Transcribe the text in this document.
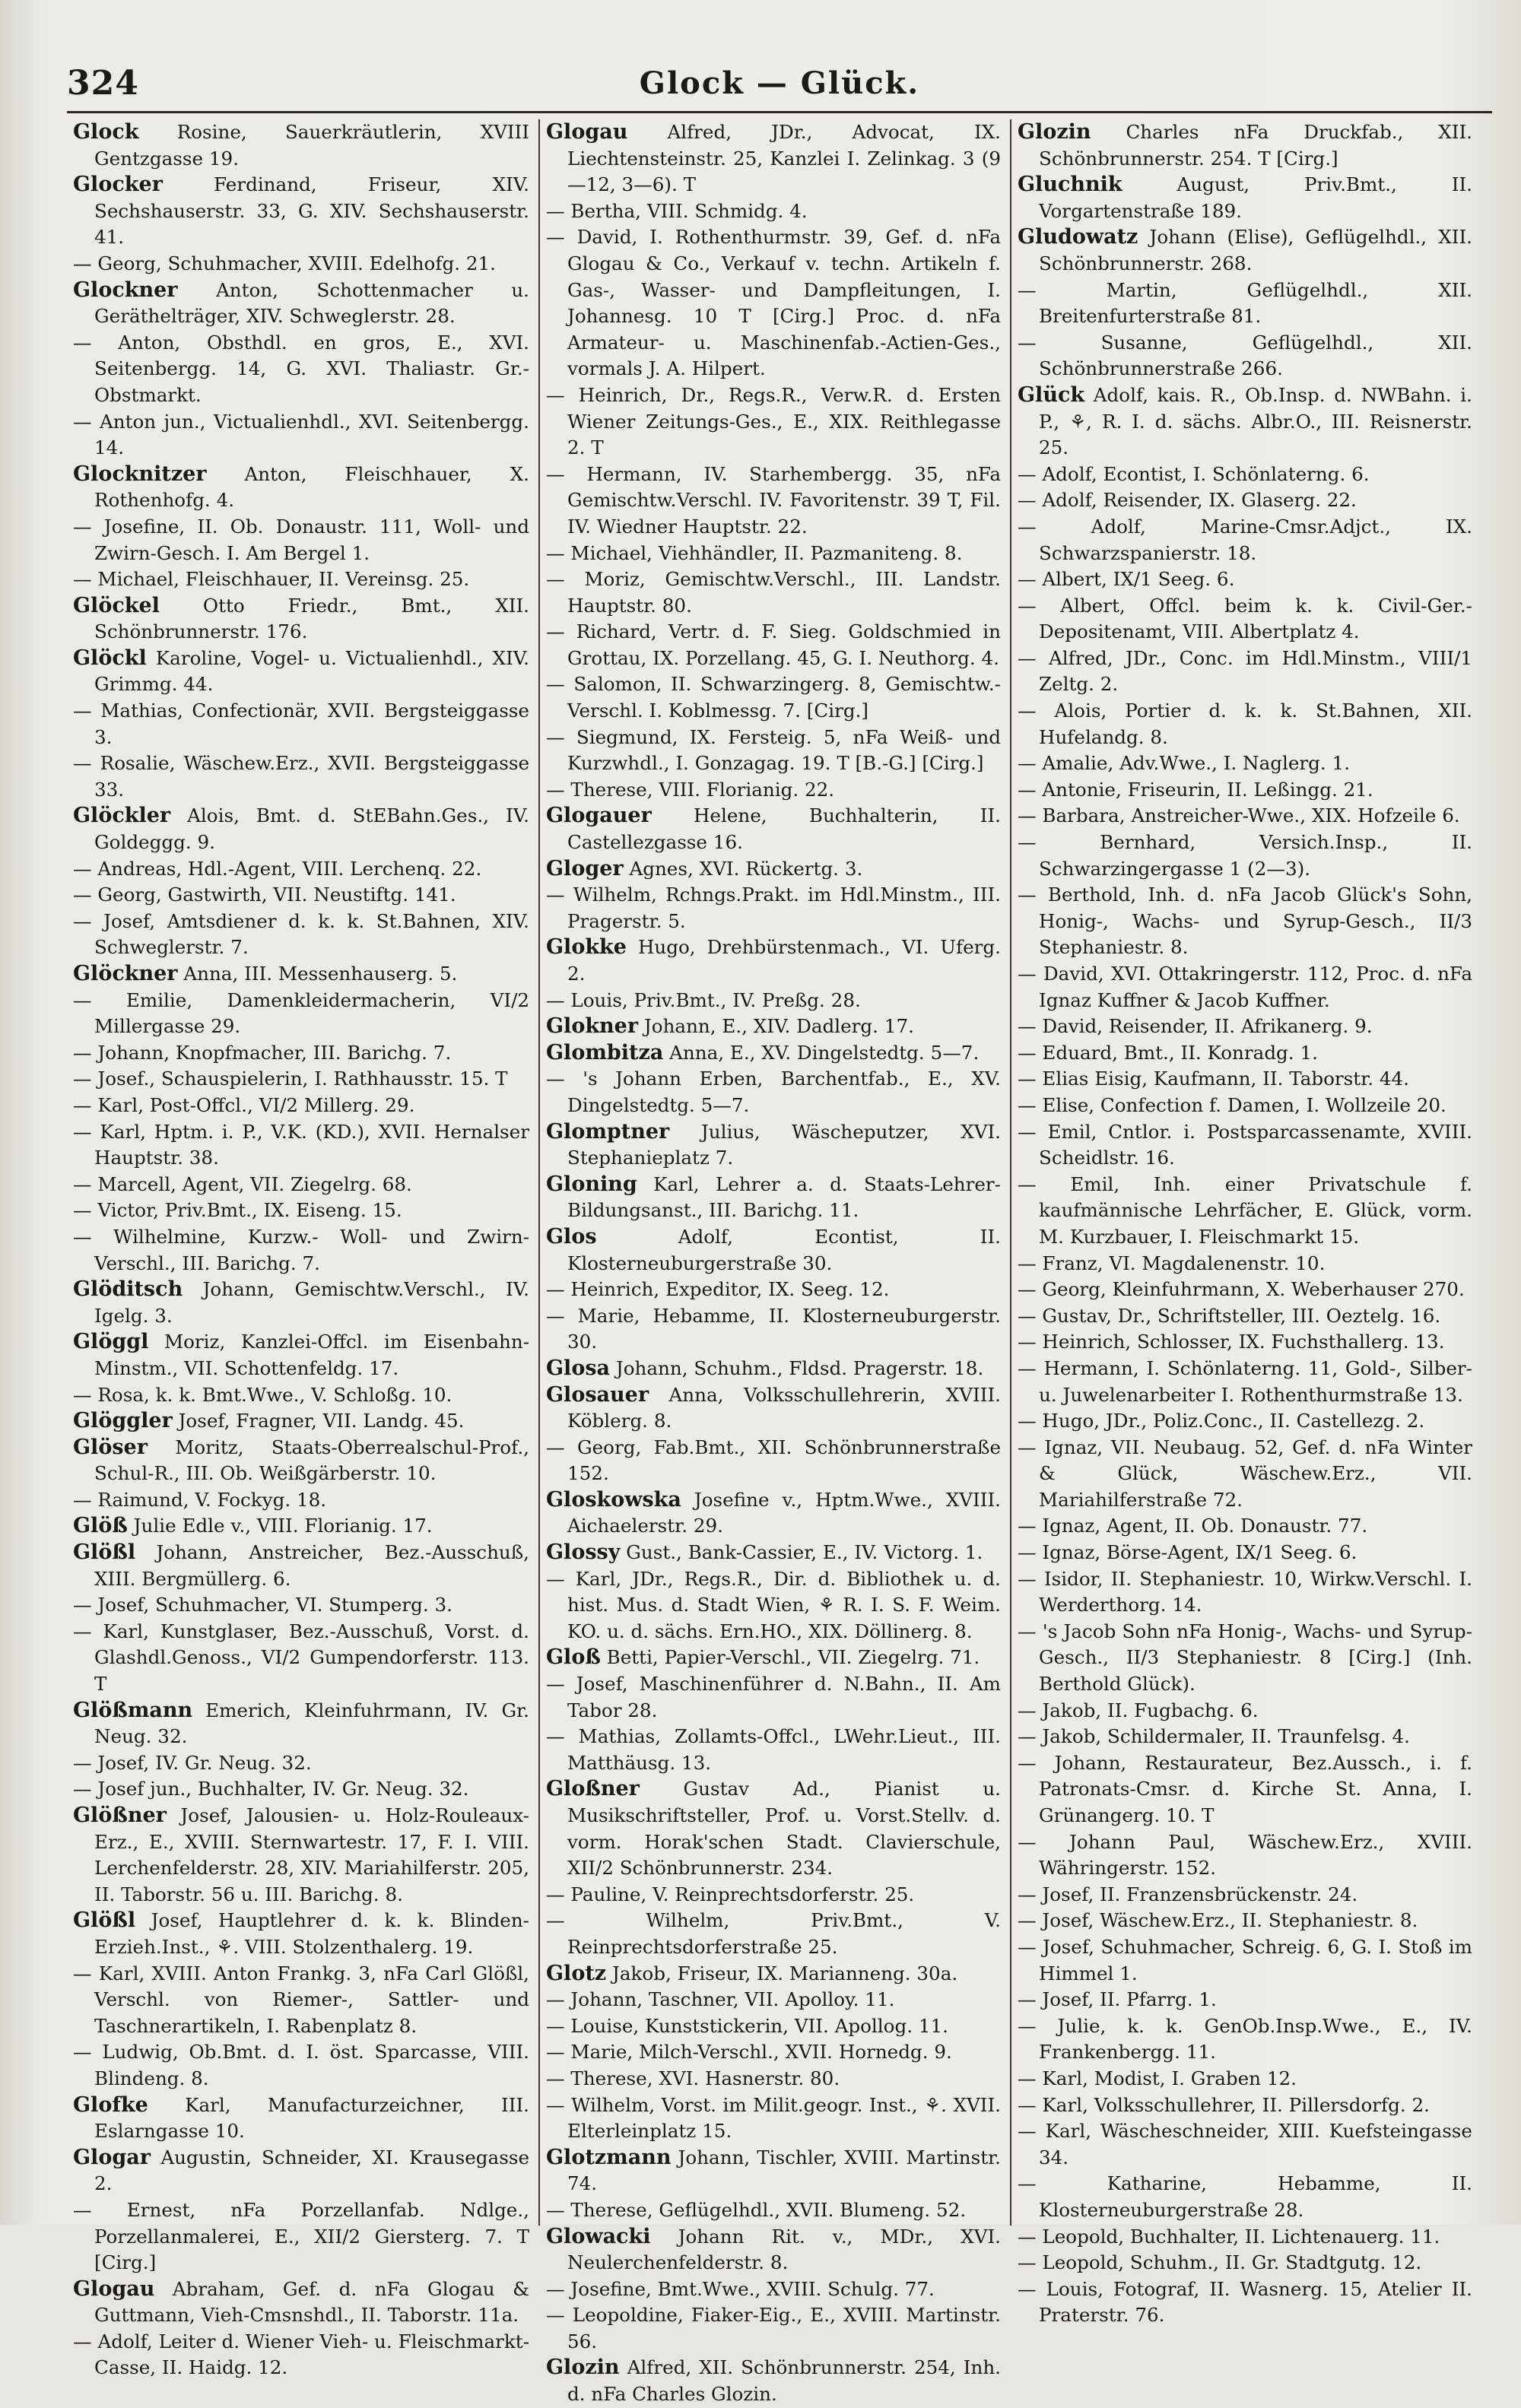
324	Glock — Glück.

Glock Rosine, Sauerkräutlerin, XVIII Gentzgasse 19.

Glocker	Ferdinand, Friseur, XIV. Sechshauserstr. 33, G. XIV. Sechshauserstr. 41.

— Georg, Schuhmacher, XVIII. Edelhofg. 21.

Glockner Anton, Schottenmacher u. Geräthelträger, XIV. Schweglerstr. 28.

— Anton, Obsthdl. en gros, E., XVI. Seitenbergg. 14, G. XVI. Thaliastr. Gr.-Obstmarkt.

— Anton jun., Victualienhdl., XVI. Seitenbergg. 14.

Glocknitzer Anton, Fleischhauer, X. Rothenhofg. 4.

— Josefine, II. Ob. Donaustr. 111, Woll- und Zwirn-Gesch. I. Am Bergel 1.

— Michael, Fleischhauer, II. Vereinsg. 25.

Glöckel Otto Friedr., Bmt., XII. Schönbrunnerstr. 176.

Glöckl Karoline, Vogel- u. Victualienhdl., XIV. Grimmg. 44.

— Mathias, Confectionär, XVII. Bergsteiggasse 3.

— Rosalie, Wäschew.Erz., XVII. Bergsteiggasse 33.

Glöckler Alois, Bmt. d. StEBahn.Ges., IV. Goldeggg. 9.

— Andreas, Hdl.-Agent, VIII. Lerchenq. 22.

— Georg, Gastwirth, VII. Neustiftg. 141.

— Josef, Amtsdiener d. k. k. St.Bahnen, XIV. Schweglerstr. 7.

Glöckner Anna, III. Messenhauserg. 5.

— Emilie, Damenkleidermacherin, VI/2 Millergasse 29.

— Johann, Knopfmacher, III. Barichg. 7.

— Josef., Schauspielerin, I. Rathhausstr. 15. T

— Karl, Post-Offcl., VI/2 Millerg. 29.

— Karl, Hptm. i. P., V.K. (KD.), XVII. Hernalser Hauptstr. 38.

— Marcell, Agent, VII. Ziegelrg. 68.

— Victor, Priv.Bmt., IX. Eiseng. 15.

— Wilhelmine, Kurzw.- Woll- und Zwirn-Verschl., III. Barichg. 7.

Glöditsch Johann, Gemischtw.Verschl., IV. Igelg. 3.

Glöggl Moriz, Kanzlei-Offcl. im Eisenbahn-Minstm., VII. Schottenfeldg. 17.

— Rosa, k. k. Bmt.Wwe., V. Schloßg. 10.

Glöggler Josef, Fragner, VII. Landg. 45.

Glöser Moritz, Staats-Oberrealschul-Prof., Schul-R., III. Ob. Weißgärberstr. 10.

— Raimund, V. Fockyg. 18.

Glöß Julie Edle v., VIII. Florianig. 17.

Glößl Johann, Anstreicher, Bez.-Ausschuß, XIII. Bergmüllerg. 6.

— Josef, Schuhmacher, VI. Stumperg. 3.

— Karl, Kunstglaser, Bez.-Ausschuß, Vorst. d. Glashdl.Genoss., VI/2 Gumpendorferstr. 113. T

Glößmann Emerich, Kleinfuhrmann, IV. Gr. Neug. 32.

— Josef, IV. Gr. Neug. 32.

— Josef jun., Buchhalter, IV. Gr. Neug. 32.

Glößner Josef, Jalousien- u. Holz-Rouleaux-Erz., E., XVIII. Sternwartestr. 17, F. I. VIII. Lerchenfelderstr. 28, XIV. Mariahilferstr. 205, II. Taborstr. 56 u. III. Barichg. 8.

Glößl Josef, Hauptlehrer d. k. k. Blinden-Erzieh.Inst., ⚘. VIII. Stolzenthalerg. 19.

— Karl, XVIII. Anton Frankg. 3, nFa Carl Glößl, Verschl. von Riemer-, Sattler- und Taschnerartikeln, I. Rabenplatz 8.

— Ludwig, Ob.Bmt. d. I. öst. Sparcasse, VIII. Blindeng. 8.

Glofke Karl, Manufacturzeichner, III. Eslarngasse 10.

Glogar Augustin, Schneider, XI. Krausegasse 2.

— Ernest, nFa Porzellanfab. Ndlge., Porzellanmalerei, E., XII/2 Giersterg. 7. T [Cirg.]

Glogau Abraham, Gef. d. nFa Glogau & Guttmann, Vieh-Cmsnshdl., II. Taborstr. 11a.

— Adolf, Leiter d. Wiener Vieh- u. Fleischmarkt-Casse, II. Haidg. 12.

Glogau Alfred, JDr., Advocat, IX. Liechtensteinstr. 25, Kanzlei I. Zelinkag. 3 (9—12, 3—6). T

— Bertha, VIII. Schmidg. 4.

— David, I. Rothenthurmstr. 39, Gef. d. nFa Glogau & Co., Verkauf v. techn. Artikeln f. Gas-, Wasser- und Dampfleitungen, I. Johannesg. 10 T [Cirg.] Proc. d. nFa Armateur- u. Maschinenfab.-Actien-Ges., vormals J. A. Hilpert.

— Heinrich, Dr., Regs.R., Verw.R. d. Ersten Wiener Zeitungs-Ges., E., XIX. Reithlegasse 2. T

— Hermann, IV. Starhembergg. 35, nFa Gemischtw.Verschl. IV. Favoritenstr. 39 T, Fil. IV. Wiedner Hauptstr. 22.

— Michael, Viehhändler, II. Pazmaniteng. 8.

— Moriz, Gemischtw.Verschl., III. Landstr. Hauptstr. 80.

— Richard, Vertr. d. F. Sieg. Goldschmied in Grottau, IX. Porzellang. 45, G. I. Neuthorg. 4.

— Salomon, II. Schwarzingerg. 8, Gemischtw.-Verschl. I. Koblmessg. 7. [Cirg.]

— Siegmund, IX. Fersteig. 5, nFa Weiß- und Kurzwhdl., I. Gonzagag. 19. T [B.-G.] [Cirg.]

— Therese, VIII. Florianig. 22.

Glogauer Helene, Buchhalterin, II. Castellezgasse 16.

Gloger Agnes, XVI. Rückertg. 3.

— Wilhelm, Rchngs.Prakt. im Hdl.Minstm., III. Pragerstr. 5.

Glokke Hugo, Drehbürstenmach., VI. Uferg. 2.

— Louis, Priv.Bmt., IV. Preßg. 28.

Glokner Johann, E., XIV. Dadlerg. 17.

Glombitza Anna, E., XV. Dingelstedtg. 5—7.

— 's Johann Erben, Barchentfab., E., XV. Dingelstedtg. 5—7.

Glomptner Julius, Wäscheputzer, XVI. Stephanieplatz 7.

Gloning Karl, Lehrer a. d. Staats-Lehrer-Bildungsanst., III. Barichg. 11.

Glos	Adolf, Econtist, II. Klosterneuburgerstraße 30.

— Heinrich, Expeditor, IX. Seeg. 12.

— Marie, Hebamme, II. Klosterneuburgerstr. 30.

Glosa Johann, Schuhm., Fldsd. Pragerstr. 18.

Glosauer Anna, Volksschullehrerin, XVIII. Köblerg. 8.

— Georg, Fab.Bmt., XII. Schönbrunnerstraße 152.

Gloskowska Josefine v., Hptm.Wwe., XVIII. Aichaelerstr. 29.

Glossy Gust., Bank-Cassier, E., IV. Victorg. 1.

— Karl, JDr., Regs.R., Dir. d. Bibliothek u. d. hist. Mus. d. Stadt Wien, ⚘ R. I. S. F. Weim. KO. u. d. sächs. Ern.HO., XIX. Döllinerg. 8.

Gloß Betti, Papier-Verschl., VII. Ziegelrg. 71.

— Josef, Maschinenführer d. N.Bahn., II. Am Tabor 28.

— Mathias, Zollamts-Offcl., LWehr.Lieut., III. Matthäusg. 13.

Gloßner Gustav Ad., Pianist u. Musikschriftsteller, Prof. u. Vorst.Stellv. d. vorm. Horak'schen Stadt. Clavierschule, XII/2 Schönbrunnerstr. 234.

— Pauline, V. Reinprechtsdorferstr. 25.

— Wilhelm, Priv.Bmt., V. Reinprechtsdorferstraße 25.

Glotz Jakob, Friseur, IX. Marianneng. 30a.

— Johann, Taschner, VII. Apolloy. 11.

— Louise, Kunststickerin, VII. Apollog. 11.

— Marie, Milch-Verschl., XVII. Hornedg. 9.

— Therese, XVI. Hasnerstr. 80.

— Wilhelm, Vorst. im Milit.geogr. Inst., ⚘. XVII. Elterleinplatz 15.

Glotzmann Johann, Tischler, XVIII. Martinstr. 74.

— Therese, Geflügelhdl., XVII. Blumeng. 52.

Glowacki Johann Rit. v., MDr., XVI. Neulerchenfelderstr. 8.

— Josefine, Bmt.Wwe., XVIII. Schulg. 77.

— Leopoldine, Fiaker-Eig., E., XVIII. Martinstr. 56.

Glozin Alfred, XII. Schönbrunnerstr. 254, Inh. d. nFa Charles Glozin.

Glozin Charles nFa Druckfab., XII. Schönbrunnerstr. 254. T [Cirg.]

Gluchnik	August, Priv.Bmt., II. Vorgartenstraße 189.

Gludowatz Johann (Elise), Geflügelhdl., XII. Schönbrunnerstr. 268.

— Martin, Geflügelhdl., XII. Breitenfurterstraße 81.

— Susanne, Geflügelhdl., XII. Schönbrunnerstraße 266.

Glück Adolf, kais. R., Ob.Insp. d. NWBahn. i. P., ⚘, R. I. d. sächs. Albr.O., III. Reisnerstr. 25.

— Adolf, Econtist, I. Schönlaterng. 6.

— Adolf, Reisender, IX. Glaserg. 22.

— Adolf, Marine-Cmsr.Adjct., IX. Schwarzspanierstr. 18.

— Albert, IX/1 Seeg. 6.

— Albert, Offcl. beim k. k. Civil-Ger.-Depositenamt, VIII. Albertplatz 4.

— Alfred, JDr., Conc. im Hdl.Minstm., VIII/1 Zeltg. 2.

— Alois, Portier d. k. k. St.Bahnen, XII. Hufelandg. 8.

— Amalie, Adv.Wwe., I. Naglerg. 1.

— Antonie, Friseurin, II. Leßingg. 21.

— Barbara, Anstreicher-Wwe., XIX. Hofzeile 6.

— Bernhard, Versich.Insp., II. Schwarzingergasse 1 (2—3).

— Berthold, Inh. d. nFa Jacob Glück's Sohn, Honig-, Wachs- und Syrup-Gesch., II/3 Stephaniestr. 8.

— David, XVI. Ottakringerstr. 112, Proc. d. nFa Ignaz Kuffner & Jacob Kuffner.

— David, Reisender, II. Afrikanerg. 9.

— Eduard, Bmt., II. Konradg. 1.

— Elias Eisig, Kaufmann, II. Taborstr. 44.

— Elise, Confection f. Damen, I. Wollzeile 20.

— Emil, Cntlor. i. Postsparcassenamte, XVIII. Scheidlstr. 16.

— Emil, Inh. einer Privatschule f. kaufmännische Lehrfächer, E. Glück, vorm. M. Kurzbauer, I. Fleischmarkt 15.

— Franz, VI. Magdalenenstr. 10.

— Georg, Kleinfuhrmann, X. Weberhauser 270.

— Gustav, Dr., Schriftsteller, III. Oeztelg. 16.

— Heinrich, Schlosser, IX. Fuchsthallerg. 13.

— Hermann, I. Schönlaterng. 11, Gold-, Silber- u. Juwelenarbeiter I. Rothenthurmstraße 13.

— Hugo, JDr., Poliz.Conc., II. Castellezg. 2.

— Ignaz, VII. Neubaug. 52, Gef. d. nFa Winter & Glück, Wäschew.Erz., VII. Mariahilferstraße 72.

— Ignaz, Agent, II. Ob. Donaustr. 77.

— Ignaz, Börse-Agent, IX/1 Seeg. 6.

— Isidor, II. Stephaniestr. 10, Wirkw.Verschl. I. Werderthorg. 14.

— 's Jacob Sohn nFa Honig-, Wachs- und Syrup-Gesch., II/3 Stephaniestr. 8 [Cirg.] (Inh. Berthold Glück).

— Jakob, II. Fugbachg. 6.

— Jakob, Schildermaler, II. Traunfelsg. 4.

— Johann, Restaurateur, Bez.Aussch., i. f. Patronats-Cmsr. d. Kirche St. Anna, I. Grünangerg. 10. T

— Johann Paul, Wäschew.Erz., XVIII. Währingerstr. 152.

— Josef, II. Franzensbrückenstr. 24.

— Josef, Wäschew.Erz., II. Stephaniestr. 8.

— Josef, Schuhmacher, Schreig. 6, G. I. Stoß im Himmel 1.

— Josef, II. Pfarrg. 1.

— Julie, k. k. GenOb.Insp.Wwe., E., IV. Frankenbergg. 11.

— Karl, Modist, I. Graben 12.

— Karl, Volksschullehrer, II. Pillersdorfg. 2.

— Karl, Wäscheschneider, XIII. Kuefsteingasse 34.

— Katharine, Hebamme, II. Klosterneuburgerstraße 28.

— Leopold, Buchhalter, II. Lichtenauerg. 11.

— Leopold, Schuhm., II. Gr. Stadtgutg. 12.

— Louis, Fotograf, II. Wasnerg. 15, Atelier II. Praterstr. 76.
